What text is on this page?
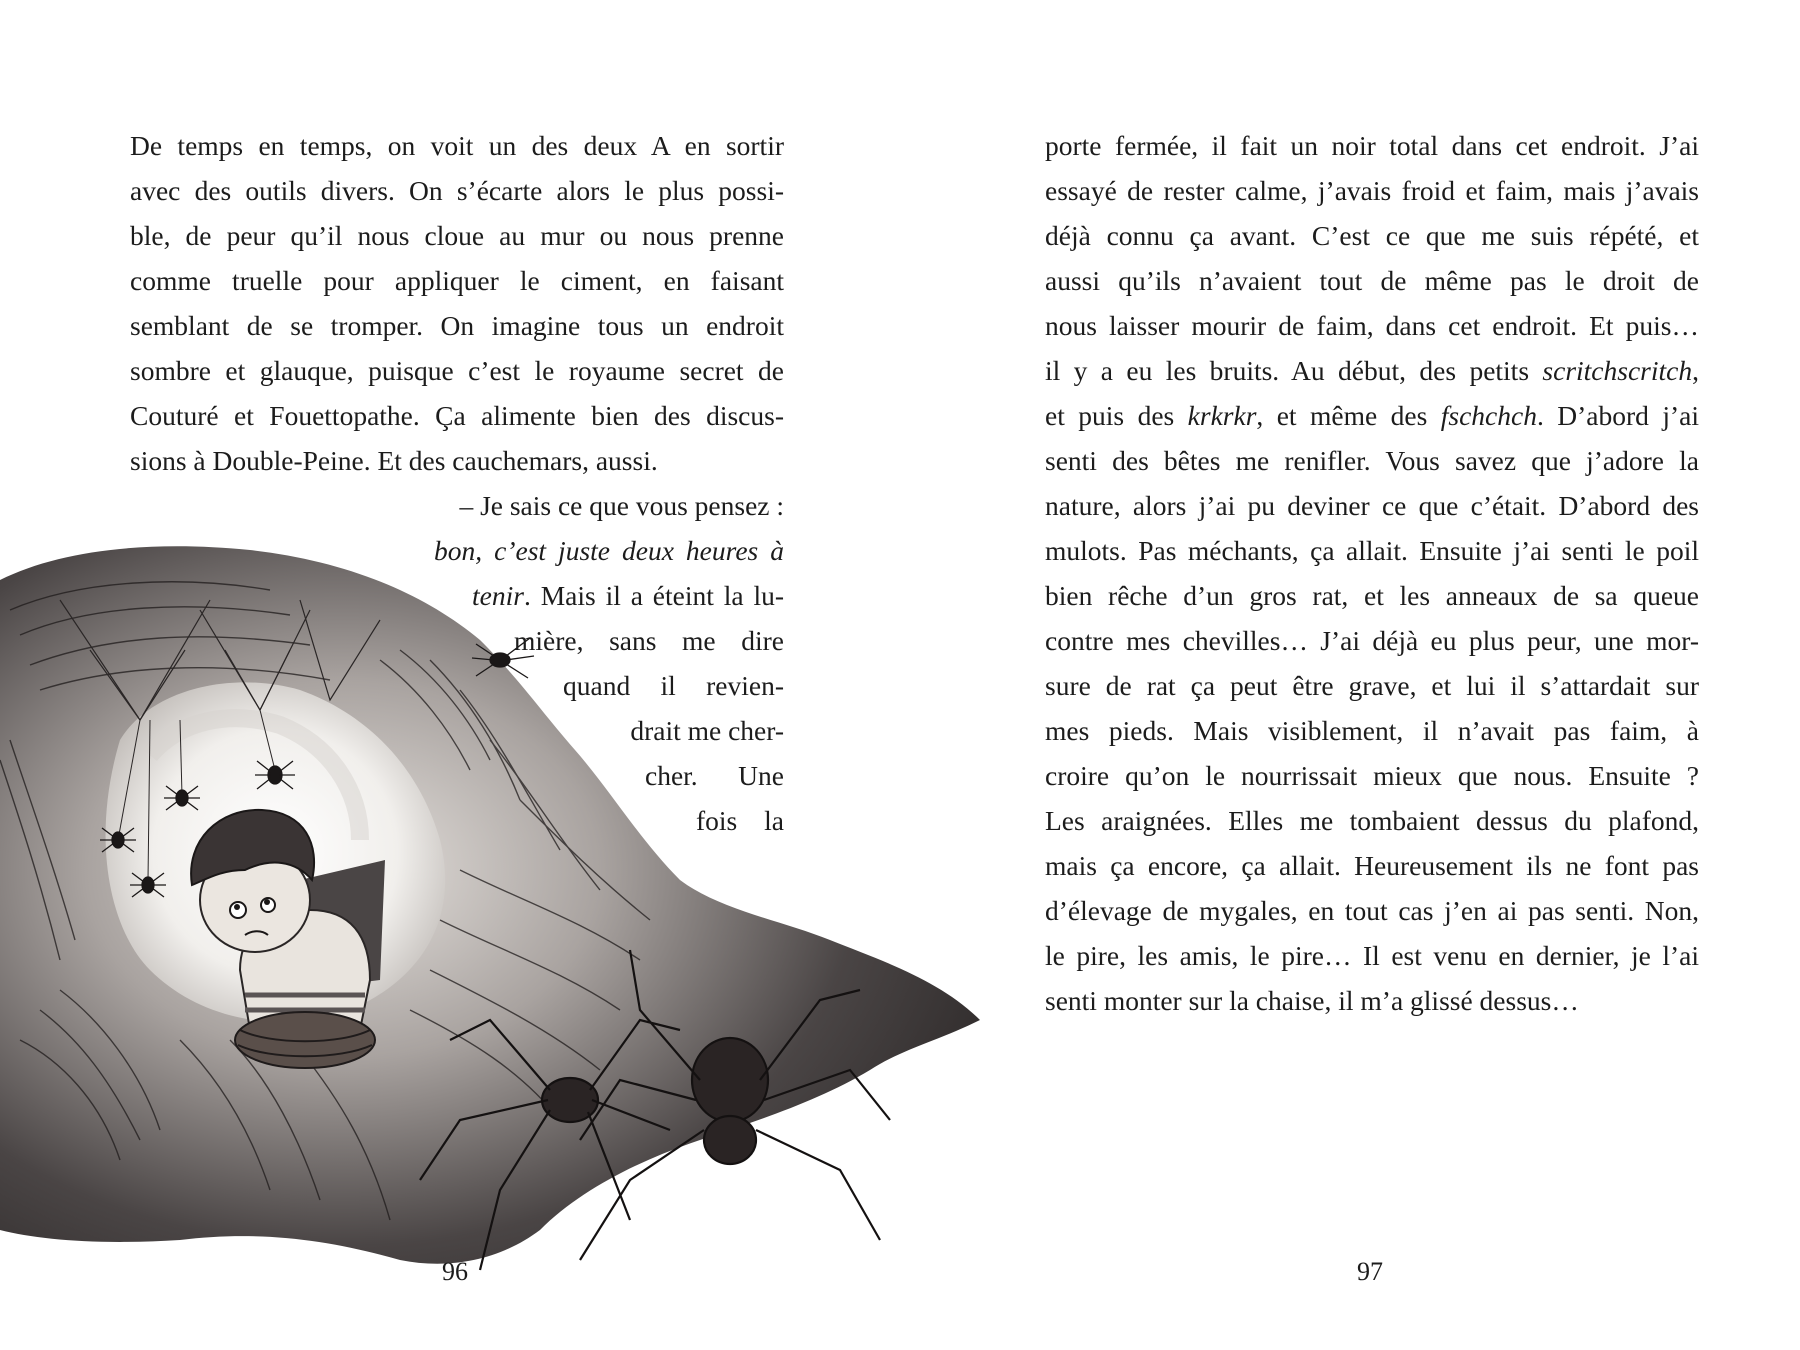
De temps en temps, on voit un des deux A en sortir
avec des outils divers. On s’écarte alors le plus possi-
ble, de peur qu’il nous cloue au mur ou nous prenne
comme truelle pour appliquer le ciment, en faisant
semblant de se tromper. On imagine tous un endroit
sombre et glauque, puisque c’est le royaume secret de
Couturé et Fouettopathe. Ça alimente bien des discus-
sions à Double-Peine. Et des cauchemars, aussi.
– Je sais ce que vous pensez :
bon, c’est juste deux heures à
tenir. Mais il a éteint la lu-
mière, sans me dire
quand il revien-
drait me cher-
cher. Une
fois la
96
porte fermée, il fait un noir total dans cet endroit. J’ai
essayé de rester calme, j’avais froid et faim, mais j’avais
déjà connu ça avant. C’est ce que me suis répété, et
aussi qu’ils n’avaient tout de même pas le droit de
nous laisser mourir de faim, dans cet endroit. Et puis…
il y a eu les bruits. Au début, des petits scritchscritch,
et puis des krkrkr, et même des fschchch. D’abord j’ai
senti des bêtes me renifler. Vous savez que j’adore la
nature, alors j’ai pu deviner ce que c’était. D’abord des
mulots. Pas méchants, ça allait. Ensuite j’ai senti le poil
bien rêche d’un gros rat, et les anneaux de sa queue
contre mes chevilles… J’ai déjà eu plus peur, une mor-
sure de rat ça peut être grave, et lui il s’attardait sur
mes pieds. Mais visiblement, il n’avait pas faim, à
croire qu’on le nourrissait mieux que nous. Ensuite ?
Les araignées. Elles me tombaient dessus du plafond,
mais ça encore, ça allait. Heureusement ils ne font pas
d’élevage de mygales, en tout cas j’en ai pas senti. Non,
le pire, les amis, le pire… Il est venu en dernier, je l’ai
senti monter sur la chaise, il m’a glissé dessus…
97
